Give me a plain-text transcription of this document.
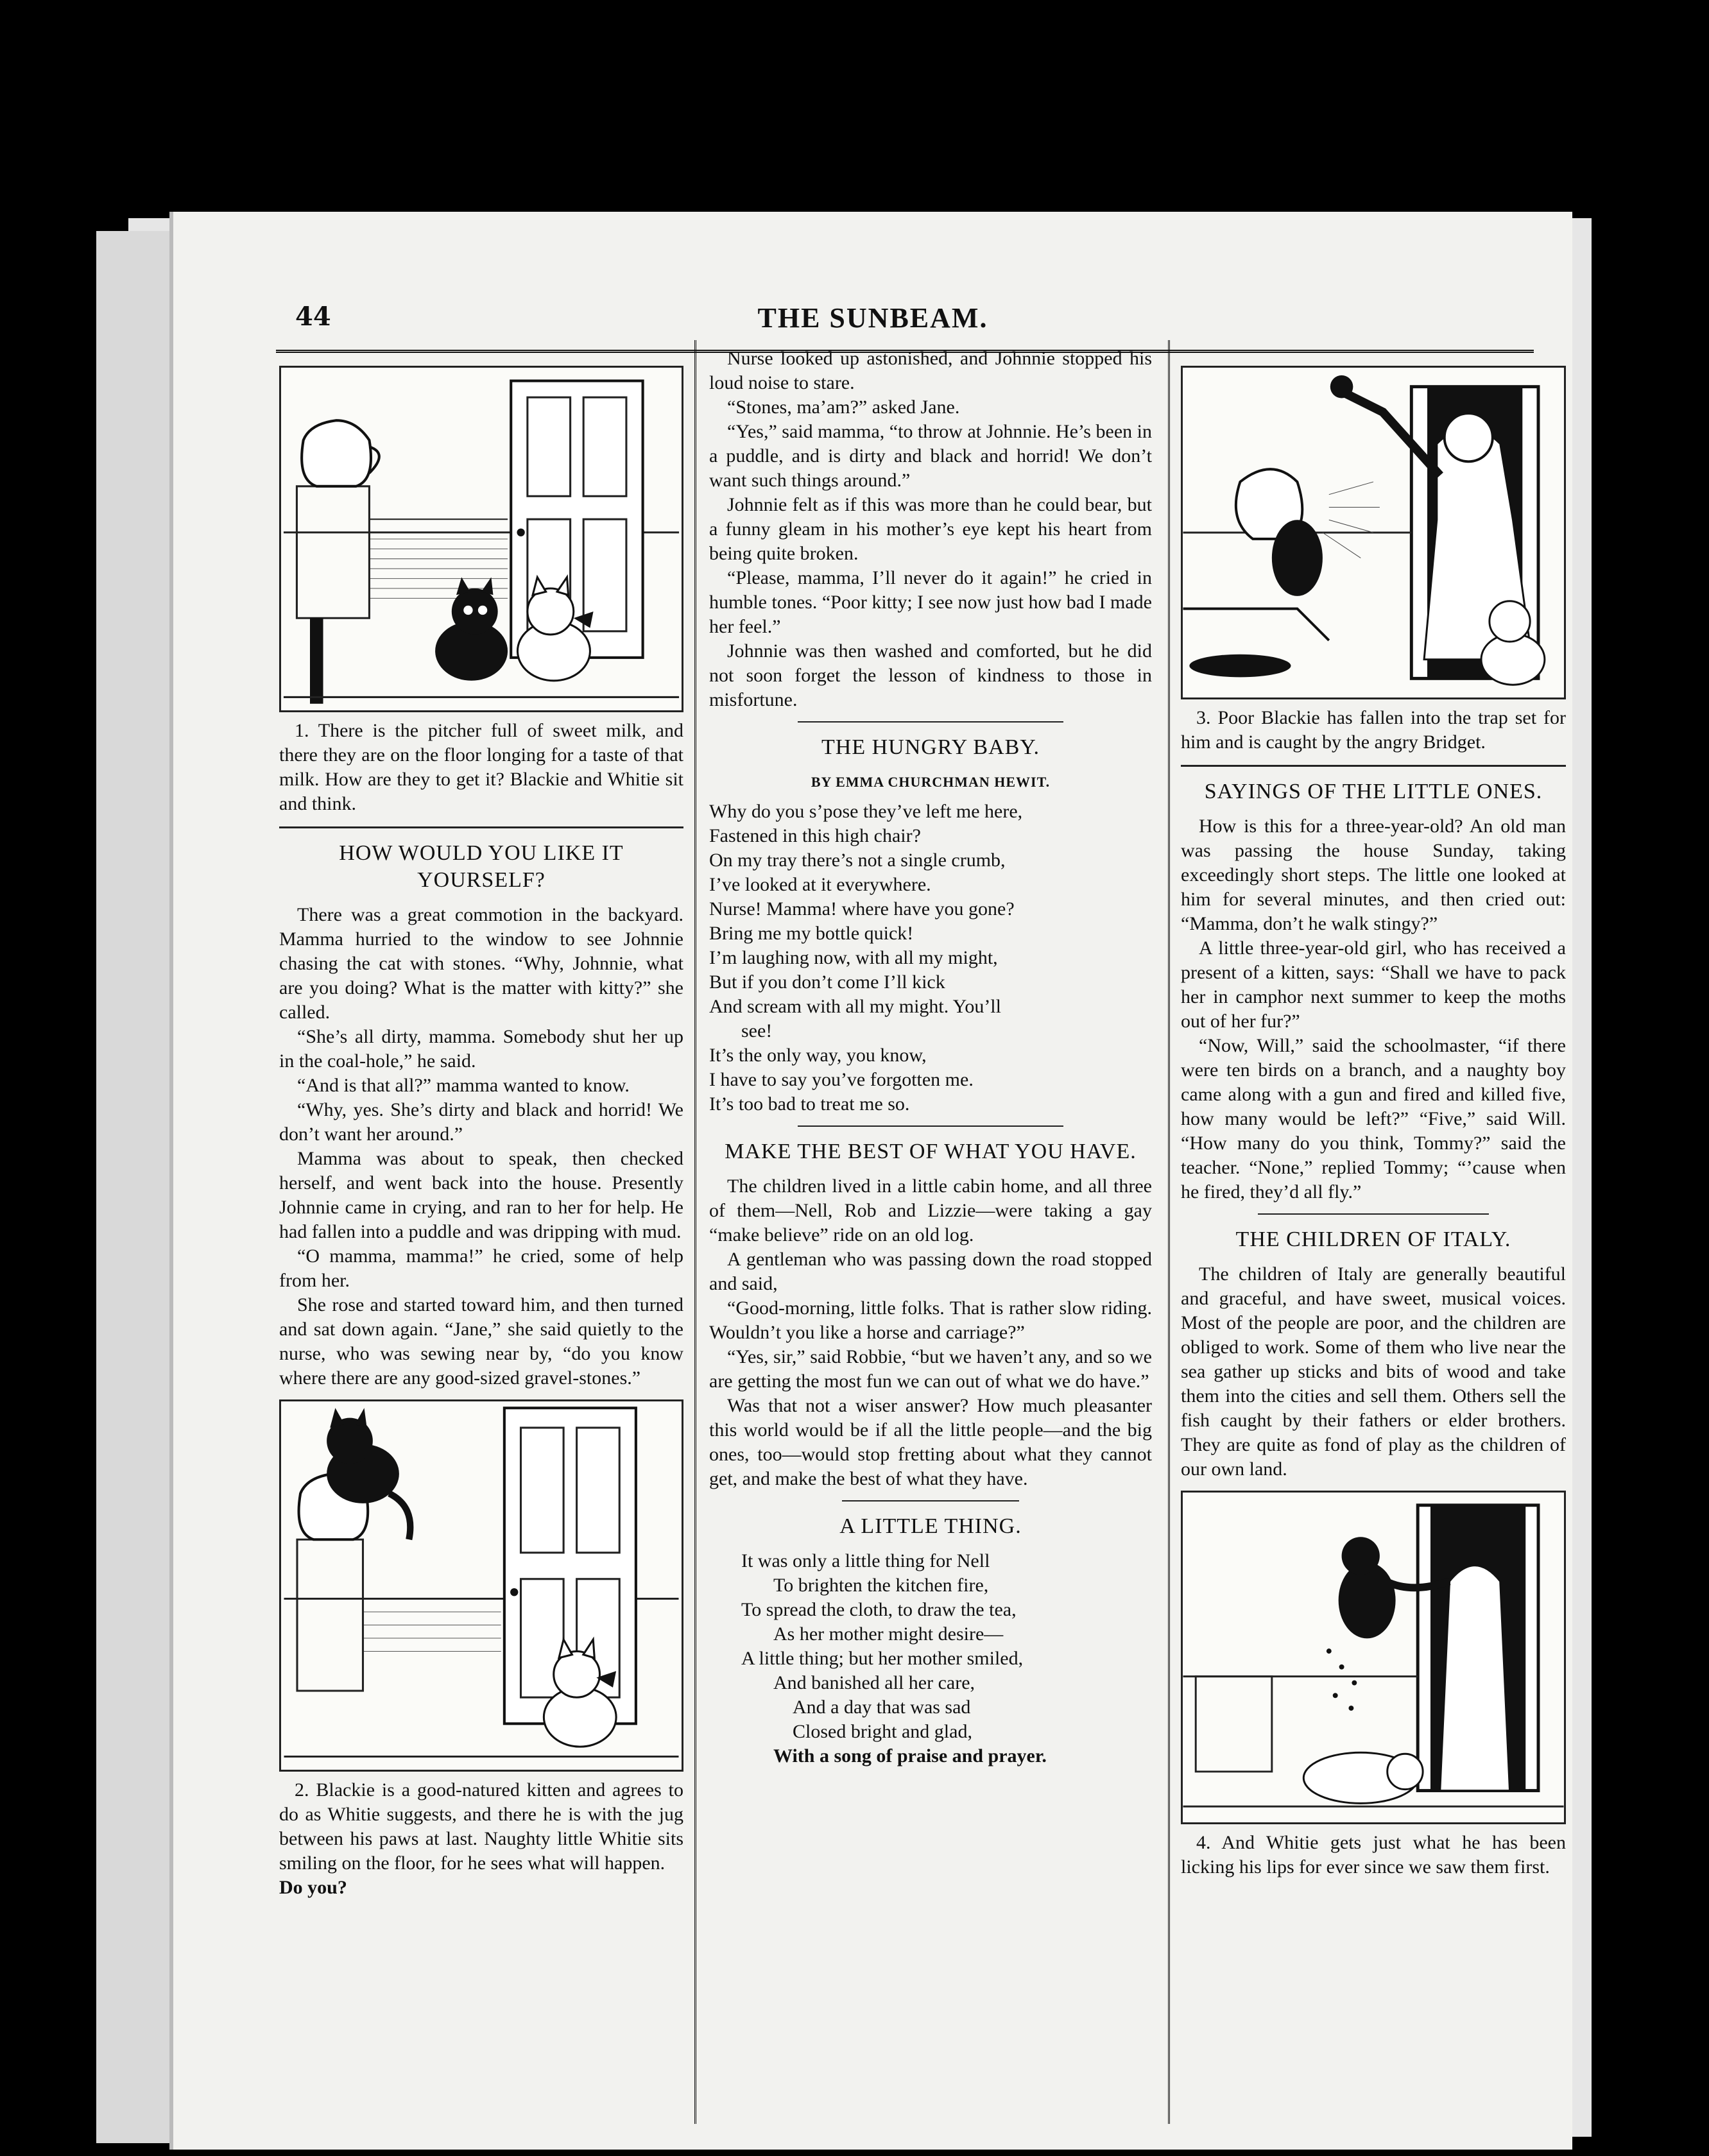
44	THE SUNBEAM.

1. There is the pitcher full of sweet milk, and there they are on the floor longing for a taste of that milk. How are they to get it? Blackie and Whitie sit and think.

HOW WOULD YOU LIKE IT YOURSELF?

There was a great commotion in the backyard. Mamma hurried to the window to see Johnnie chasing the cat with stones. “Why, Johnnie, what are you doing? What is the matter with kitty?” she called.

“She’s all dirty, mamma. Somebody shut her up in the coal-hole,” he said.

“And is that all?” mamma wanted to know.

“Why, yes. She’s dirty and black and horrid! We don’t want her around.”

Mamma was about to speak, then checked herself, and went back into the house. Presently Johnnie came in crying, and ran to her for help. He had fallen into a puddle and was dripping with mud.

“O mamma, mamma!” he cried, some of help from her.

She rose and started toward him, and then turned and sat down again. “Jane,” she said quietly to the nurse, who was sewing near by, “do you know where there are any good-sized gravel-stones.”

2. Blackie is a good-natured kitten and agrees to do as Whitie suggests, and there he is with the jug between his paws at last. Naughty little Whitie sits smiling on the floor, for he sees what will happen.

Do you?

Nurse looked up astonished, and Johnnie stopped his loud noise to stare.

“Stones, ma’am?” asked Jane.

“Yes,” said mamma, “to throw at Johnnie. He’s been in a puddle, and is dirty and black and horrid! We don’t want such things around.”

Johnnie felt as if this was more than he could bear, but a funny gleam in his mother’s eye kept his heart from being quite broken.

“Please, mamma, I’ll never do it again!” he cried in humble tones. “Poor kitty; I see now just how bad I made her feel.”

Johnnie was then washed and comforted, but he did not soon forget the lesson of kindness to those in misfortune.

THE HUNGRY BABY.
BY EMMA CHURCHMAN HEWIT.
Why do you s’pose they’ve left me here,
Fastened in this high chair?
On my tray there’s not a single crumb,
I’ve looked at it everywhere.
Nurse! Mamma! where have you gone?
Bring me my bottle quick!
I’m laughing now, with all my might,
But if you don’t come I’ll kick
And scream with all my might. You’ll
see!
It’s the only way, you know,
I have to say you’ve forgotten me.
It’s too bad to treat me so.
MAKE THE BEST OF WHAT YOU HAVE.

The children lived in a little cabin home, and all three of them—Nell, Rob and Lizzie—were taking a gay “make believe” ride on an old log.

A gentleman who was passing down the road stopped and said,

“Good-morning, little folks. That is rather slow riding. Wouldn’t you like a horse and carriage?”

“Yes, sir,” said Robbie, “but we haven’t any, and so we are getting the most fun we can out of what we do have.”

Was that not a wiser answer? How much pleasanter this world would be if all the little people—and the big ones, too—would stop fretting about what they cannot get, and make the best of what they have.

A LITTLE THING.
It was only a little thing for Nell
To brighten the kitchen fire,
To spread the cloth, to draw the tea,
As her mother might desire—
A little thing; but her mother smiled,
And banished all her care,
And a day that was sad
Closed bright and glad,
With a song of praise and prayer.

3. Poor Blackie has fallen into the trap set for him and is caught by the angry Bridget.

SAYINGS OF THE LITTLE ONES.

How is this for a three-year-old? An old man was passing the house Sunday, taking exceedingly short steps. The little one looked at him for several minutes, and then cried out: “Mamma, don’t he walk stingy?”

A little three-year-old girl, who has received a present of a kitten, says: “Shall we have to pack her in camphor next summer to keep the moths out of her fur?”

“Now, Will,” said the schoolmaster, “if there were ten birds on a branch, and a naughty boy came along with a gun and fired and killed five, how many would be left?” “Five,” said Will. “How many do you think, Tommy?” said the teacher. “None,” replied Tommy; “’cause when he fired, they’d all fly.”

THE CHILDREN OF ITALY.

The children of Italy are generally beautiful and graceful, and have sweet, musical voices. Most of the people are poor, and the children are obliged to work. Some of them who live near the sea gather up sticks and bits of wood and take them into the cities and sell them. Others sell the fish caught by their fathers or elder brothers. They are quite as fond of play as the children of our own land.

4. And Whitie gets just what he has been licking his lips for ever since we saw them first.
